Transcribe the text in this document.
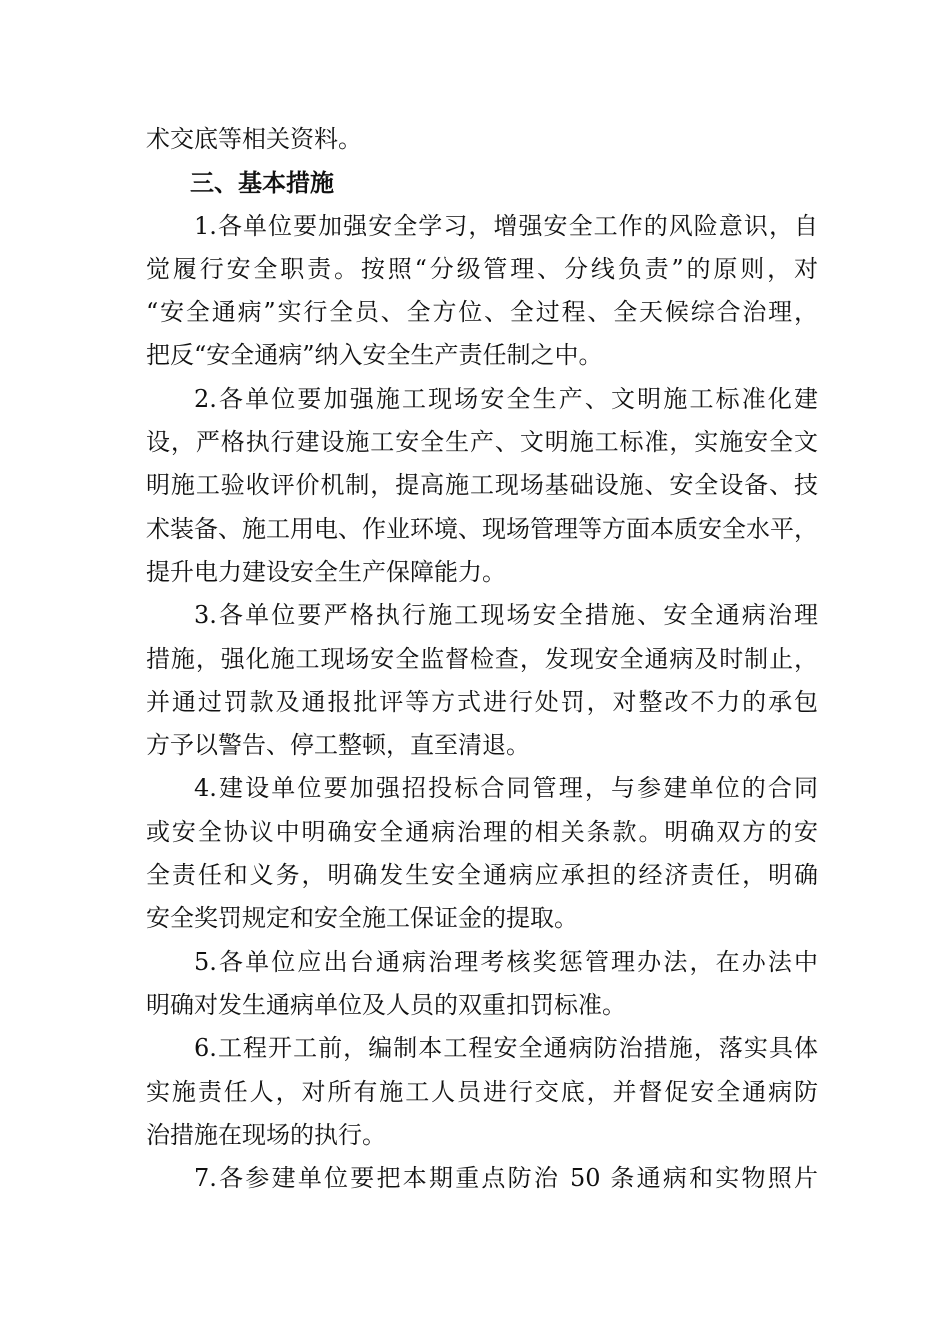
术交底等相关资料。
三、基本措施
1.各单位要加强安全学习，增强安全工作的风险意识，自
觉履行安全职责。按照“分级管理、分线负责”的原则，对
“安全通病”实行全员、全方位、全过程、全天候综合治理，
把反“安全通病”纳入安全生产责任制之中。
2.各单位要加强施工现场安全生产、文明施工标准化建
设，严格执行建设施工安全生产、文明施工标准，实施安全文
明施工验收评价机制，提高施工现场基础设施、安全设备、技
术装备、施工用电、作业环境、现场管理等方面本质安全水平，
提升电力建设安全生产保障能力。
3.各单位要严格执行施工现场安全措施、安全通病治理
措施，强化施工现场安全监督检查，发现安全通病及时制止，
并通过罚款及通报批评等方式进行处罚，对整改不力的承包
方予以警告、停工整顿，直至清退。
4.建设单位要加强招投标合同管理，与参建单位的合同
或安全协议中明确安全通病治理的相关条款。明确双方的安
全责任和义务，明确发生安全通病应承担的经济责任，明确
安全奖罚规定和安全施工保证金的提取。
5.各单位应出台通病治理考核奖惩管理办法，在办法中
明确对发生通病单位及人员的双重扣罚标准。
6.工程开工前，编制本工程安全通病防治措施，落实具体
实施责任人，对所有施工人员进行交底，并督促安全通病防
治措施在现场的执行。
7.各参建单位要把本期重点防治 50 条通病和实物照片
